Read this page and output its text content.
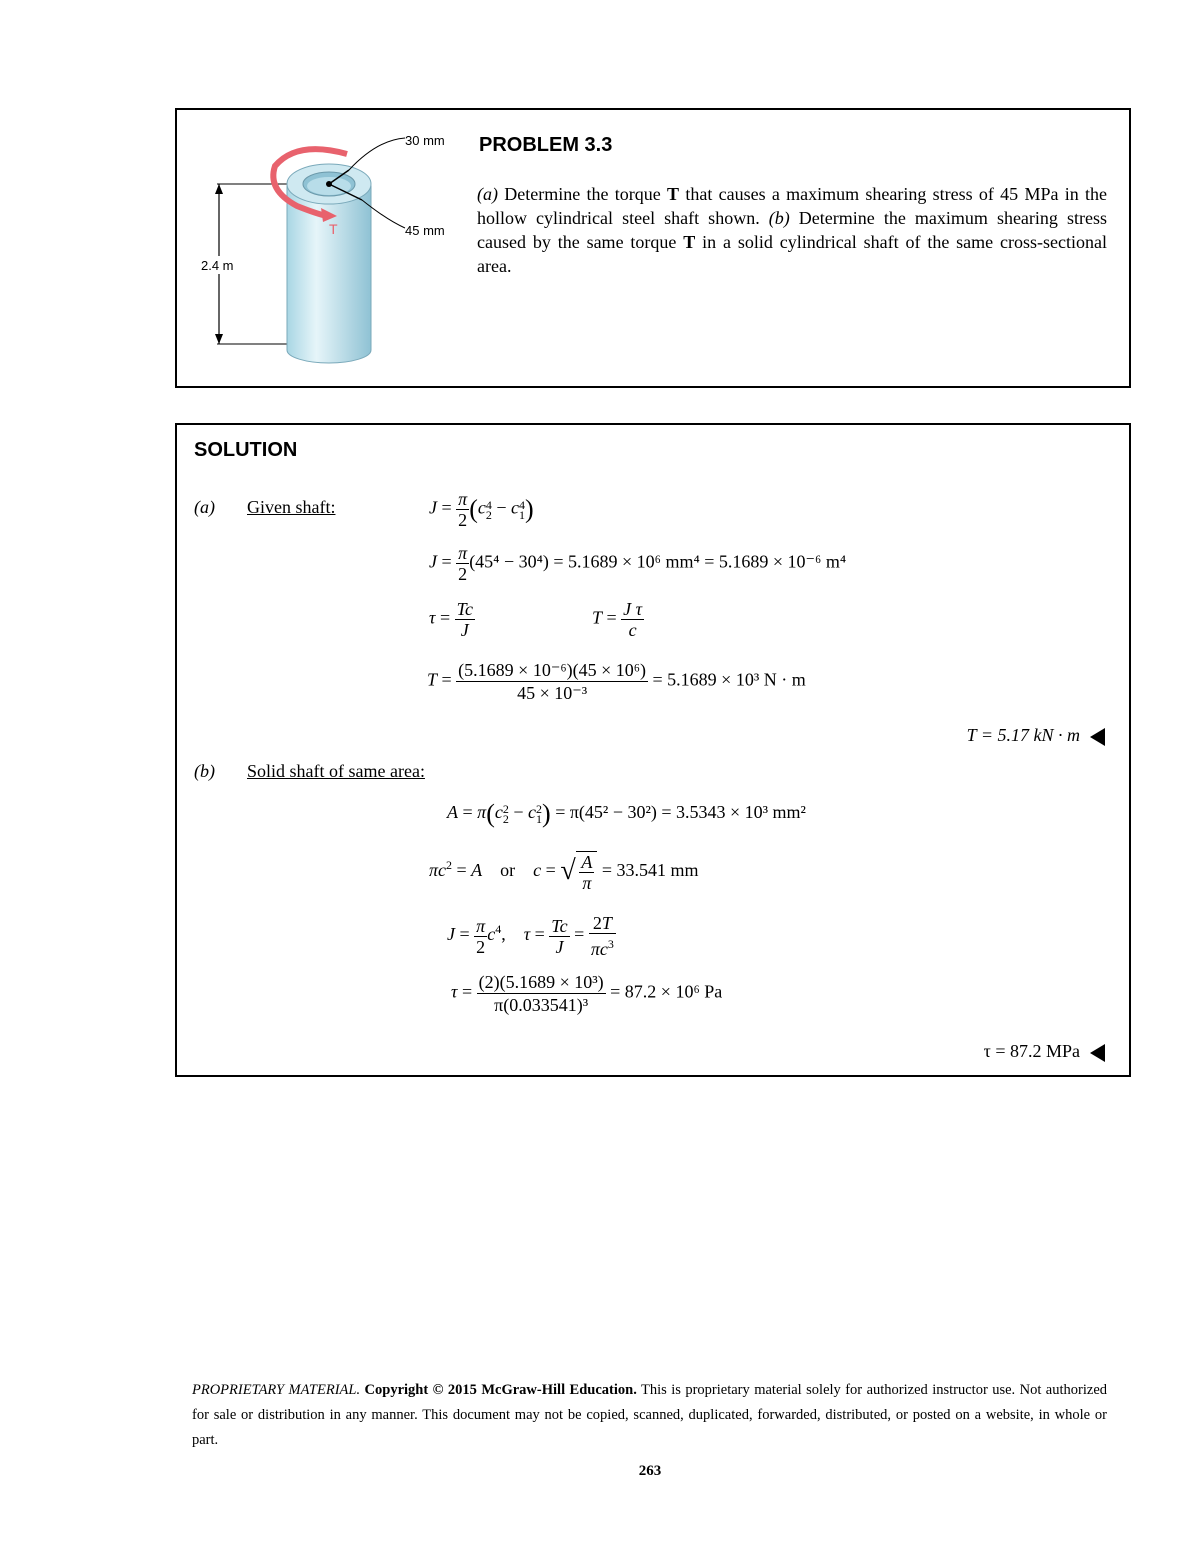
T
30 mm
45 mm
2.4 m
PROBLEM 3.3
(a) Determine the torque T that causes a maximum shearing stress of 45 MPa in the hollow cylindrical steel shaft shown. (b) Determine the maximum shearing stress caused by the same torque T in a solid cylindrical shaft of the same cross-sectional area.
SOLUTION
(a) Given shaft:	$J = \frac{\pi}{2} (c$ 4
2 − c 4
1 )
$J = \frac{\pi}{2} (45^4 - 30^4) = 5.1689 \times 10^6$ mm⁴ = 5.1689 × 10⁻⁶ m⁴
$\tau = \frac{Tc}{J}$	$T = \frac{\text{J τ}}{c}$
$T = \frac{\text{(5.1689 × 10⁻⁶)(45 × 10⁶)}}{\text{45 × 10⁻³}} = 5.1689 \times 10^3$ N · m
T = 5.17 kN · m
(b) Solid shaft of same area:
A = π(c 2
2 − c 2
1 ) = π(45² − 30²) = 3.5343 × 10³ mm²
$\pi c^2 = A$    or    c = √ $\frac{A}{\pi} = 33.541$ mm
$J = \frac{\pi}{2} c^4$,    $\tau = \frac{Tc}{J} = \frac{2T}{\pi c^3}$
$\tau = \frac{\text{(2)(5.1689 × 10³)}}{\text{π(0.033541)³}} = 87.2 \times 10^6$ Pa
τ = 87.2 MPa
PROPRIETARY MATERIAL. Copyright © 2015 McGraw-Hill Education. This is proprietary material solely for authorized instructor use. Not authorized for sale or distribution in any manner. This document may not be copied, scanned, duplicated, forwarded, distributed, or posted on a website, in whole or part.
263
